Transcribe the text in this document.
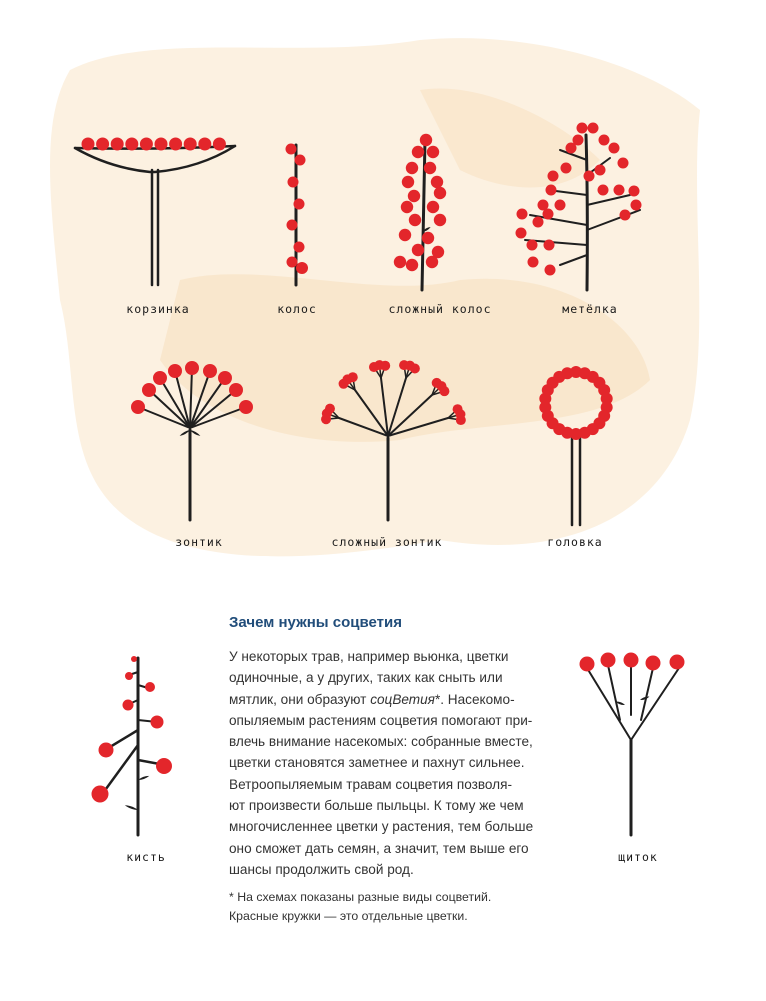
корзинка	колос	сложный колос	метёлка
зонтик	сложный зонтик	головка
кисть	щиток
Зачем нужны соцветия

У некоторых трав, например вьюнка, цветки

одиночные, а у других, таких как сныть или

мятлик, они образуют соцВетия*. Насекомо-

опыляемым растениям соцветия помогают при-

влечь внимание насекомых: собранные вместе,

цветки становятся заметнее и пахнут сильнее.

Ветроопыляемым травам соцветия позволя-

ют произвести больше пыльцы. К тому же чем

многочисленнее цветки у растения, тем больше

оно сможет дать семян, а значит, тем выше его

шансы продолжить свой род.

* На схемах показаны разные виды соцветий.

Красные кружки — это отдельные цветки.
